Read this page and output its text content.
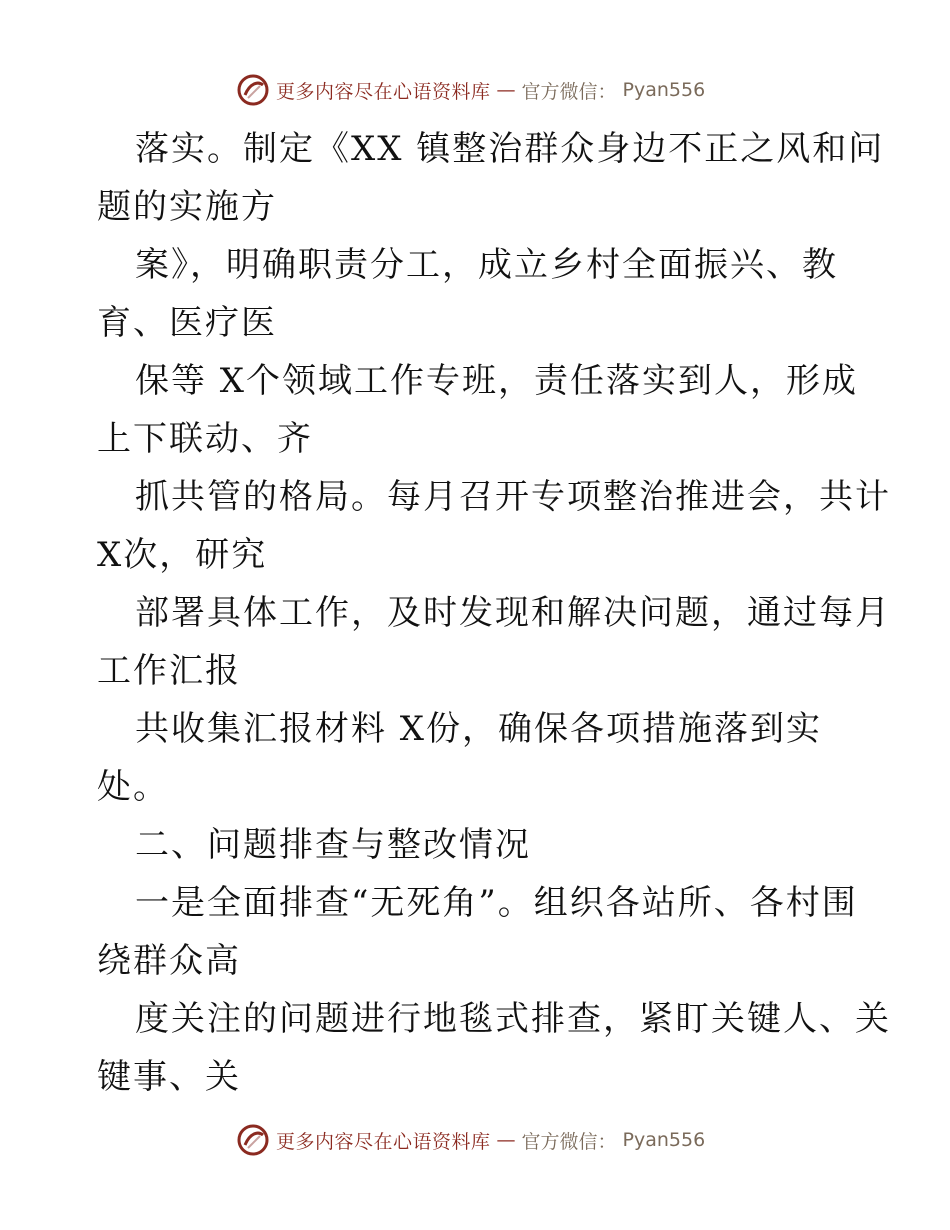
更多内容尽在心语资料库 — 官方微信： Pyan556
落实。制定《XX 镇整治群众身边不正之风和问
题的实施方
案》，明确职责分工，成立乡村全面振兴、教
育、医疗医
保等 X个领域工作专班，责任落实到人，形成
上下联动、齐
抓共管的格局。每月召开专项整治推进会，共计
X次，研究
部署具体工作，及时发现和解决问题，通过每月
工作汇报
共收集汇报材料 X份，确保各项措施落到实
处。
二、问题排查与整改情况
一是全面排查“无死角”。组织各站所、各村围
绕群众高
度关注的问题进行地毯式排查，紧盯关键人、关
键事、关
更多内容尽在心语资料库 — 官方微信： Pyan556
